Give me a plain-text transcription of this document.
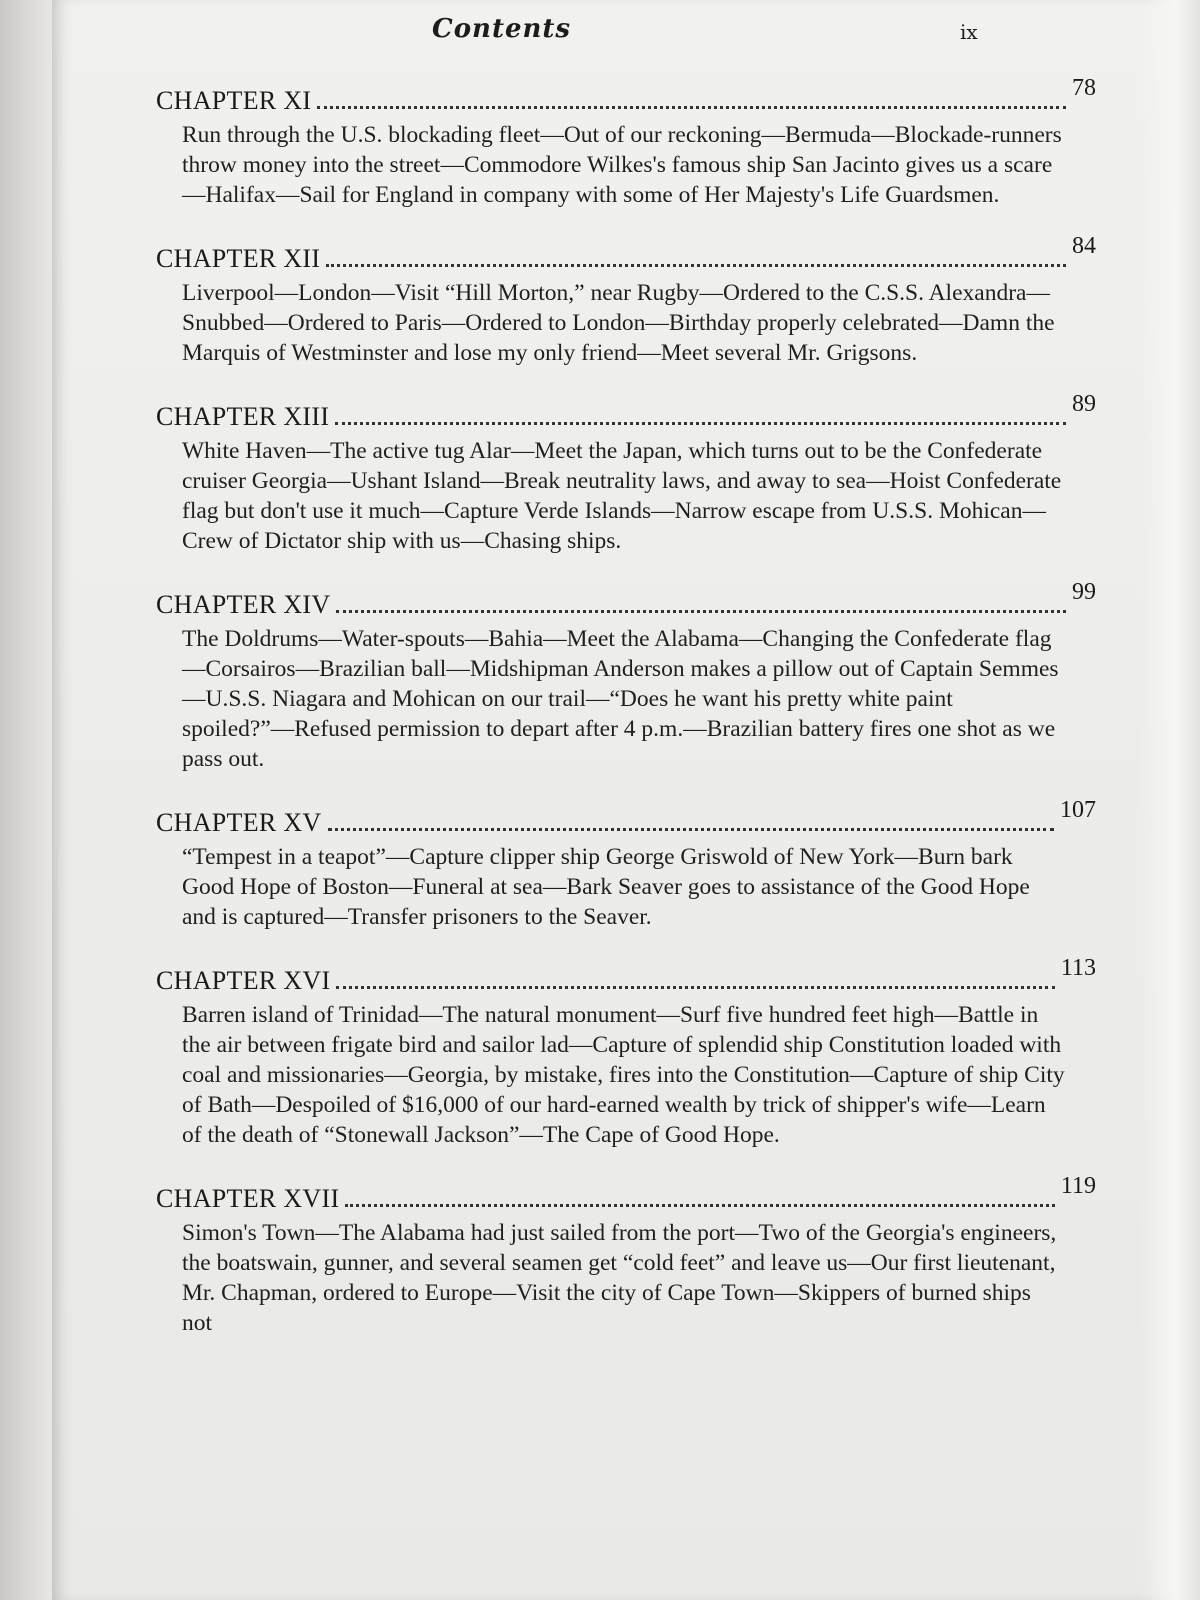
Contents	ix
CHAPTER XI	78
Run through the U.S. blockading fleet—Out of our reckoning—Bermuda—Blockade-runners throw money into the street—Commodore Wilkes's famous ship San Jacinto gives us a scare—Halifax—Sail for England in company with some of Her Majesty's Life Guardsmen.
CHAPTER XII	84
Liverpool—London—Visit “Hill Morton,” near Rugby—Ordered to the C.S.S. Alexandra—Snubbed—Ordered to Paris—Ordered to London—Birthday properly celebrated—Damn the Marquis of Westminster and lose my only friend—Meet several Mr. Grigsons.
CHAPTER XIII	89
White Haven—The active tug Alar—Meet the Japan, which turns out to be the Confederate cruiser Georgia—Ushant Island—Break neutrality laws, and away to sea—Hoist Confederate flag but don't use it much—Capture Verde Islands—Narrow escape from U.S.S. Mohican—Crew of Dictator ship with us—Chasing ships.
CHAPTER XIV	99
The Doldrums—Water-spouts—Bahia—Meet the Alabama—Changing the Confederate flag—Corsairos—Brazilian ball—Midshipman Anderson makes a pillow out of Captain Semmes—U.S.S. Niagara and Mohican on our trail—“Does he want his pretty white paint spoiled?”—Refused permission to depart after 4 p.m.—Brazilian battery fires one shot as we pass out.
CHAPTER XV	107
“Tempest in a teapot”—Capture clipper ship George Griswold of New York—Burn bark Good Hope of Boston—Funeral at sea—Bark Seaver goes to assistance of the Good Hope and is captured—Transfer prisoners to the Seaver.
CHAPTER XVI	113
Barren island of Trinidad—The natural monument—Surf five hundred feet high—Battle in the air between frigate bird and sailor lad—Capture of splendid ship Constitution loaded with coal and missionaries—Georgia, by mistake, fires into the Constitution—Capture of ship City of Bath—Despoiled of $16,000 of our hard-earned wealth by trick of shipper's wife—Learn of the death of “Stonewall Jackson”—The Cape of Good Hope.
CHAPTER XVII	119
Simon's Town—The Alabama had just sailed from the port—Two of the Georgia's engineers, the boatswain, gunner, and several seamen get “cold feet” and leave us—Our first lieutenant, Mr. Chapman, ordered to Europe—Visit the city of Cape Town—Skippers of burned ships not
